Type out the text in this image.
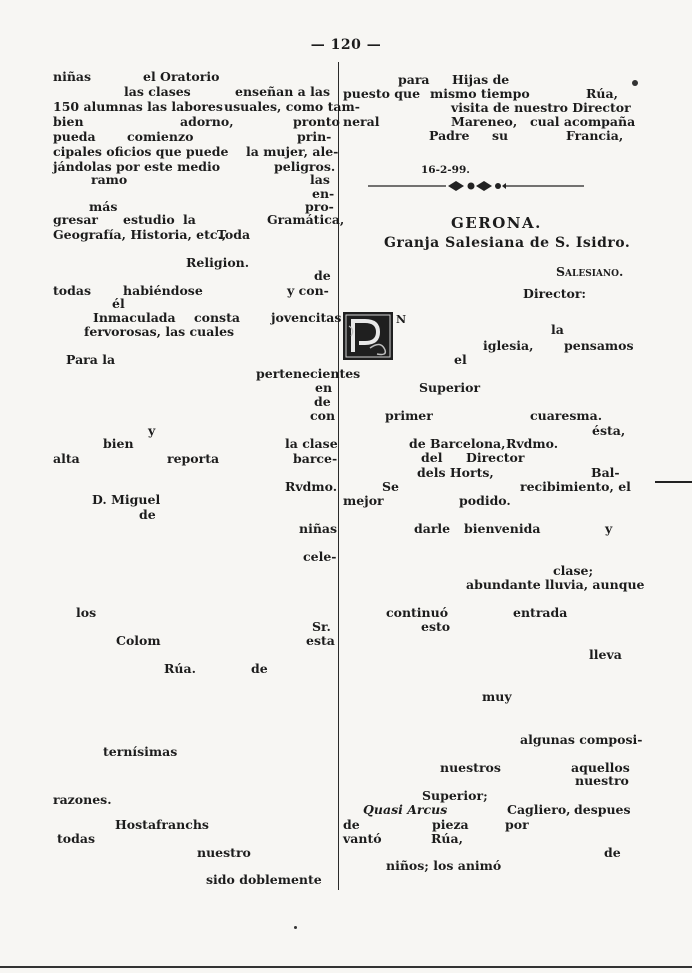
— 120 —
niñas	el Oratorio
las clases	enseñan a las
150 alumnas las labores usuales, como tam-
bien	adorno,	pronto
pueda	comienzo	prin-
cipales oficios que puede la mujer, ale-
jándolas por este medio	peligros.
ramo	las
en-
más	pro-
gresar estudio la	Gramática,
Geografía, Historia, etc.,
Toda
Religion.
de
todas	habiéndose	y con-
él
Inmaculada consta jovencitas
fervorosas, las cuales
Para la
pertenecientes
en
de
con
y
bien	la clase
alta	reporta	barce-
Rvdmo.
D. Miguel
de
niñas
cele-
los
Sr.
Colom	esta
Rúa.	de
ternísimas
razones.
Hostafranchs
todas
nuestro
sido doblemente
para Hijas de
puesto que mismo tiempo	Rúa,
visita de nuestro Director
neral	Mareneo, cual acompaña
Padre su	Francia,
16-2-99.
GERONA.
Granja Salesiana de S. Isidro.
Salesiano.
Director:
N
la
iglesia, pensamos
el
Superior
primer	cuaresma.
ésta,
de Barcelona, Rvdmo.
del Director
dels Horts,	Bal-
Se	recibimiento, el
mejor	podido.
darle bienvenida	y
clase;
abundante lluvia, aunque
continuó	entrada
esto
lleva
muy
algunas composi-
nuestros	aquellos
nuestro
Superior;
Quasi Arcus	Cagliero, despues
de	pieza	por
vantó	Rúa,
de
niños; los animó
